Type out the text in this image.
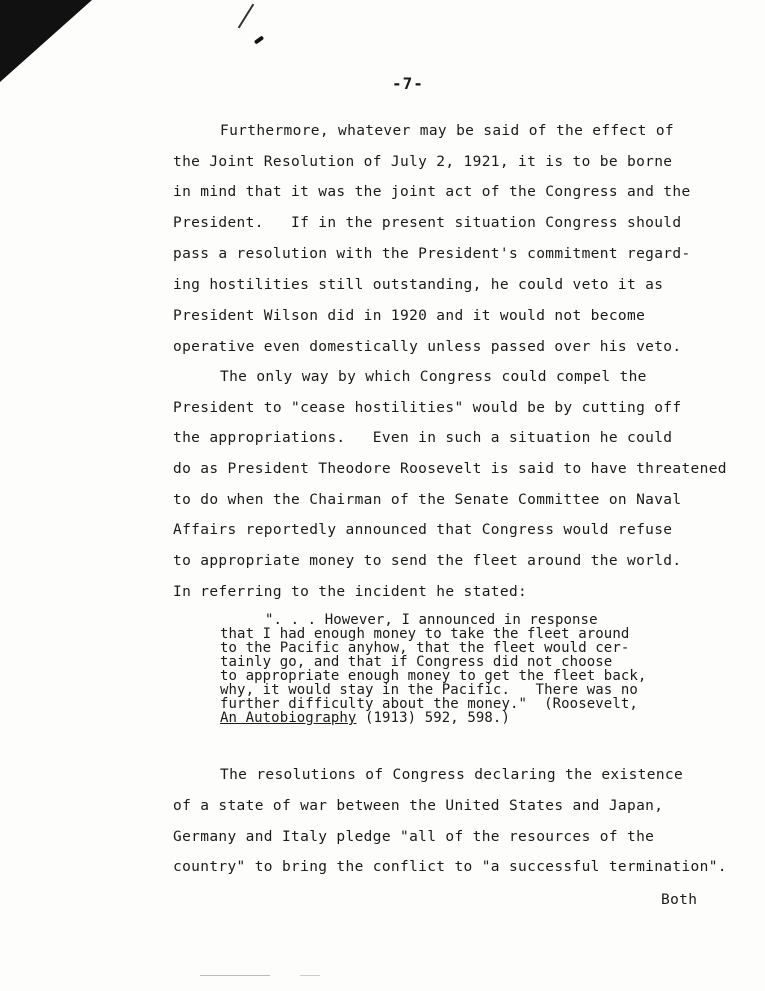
-7-
Furthermore, whatever may be said of the effect of
the Joint Resolution of July 2, 1921, it is to be borne
in mind that it was the joint act of the Congress and the
President.   If in the present situation Congress should
pass a resolution with the President's commitment regard-
ing hostilities still outstanding, he could veto it as
President Wilson did in 1920 and it would not become
operative even domestically unless passed over his veto.
The only way by which Congress could compel the
President to "cease hostilities" would be by cutting off
the appropriations.   Even in such a situation he could
do as President Theodore Roosevelt is said to have threatened
to do when the Chairman of the Senate Committee on Naval
Affairs reportedly announced that Congress would refuse
to appropriate money to send the fleet around the world.
In referring to the incident he stated:
". . . However, I announced in response
that I had enough money to take the fleet around
to the Pacific anyhow, that the fleet would cer-
tainly go, and that if Congress did not choose
to appropriate enough money to get the fleet back,
why, it would stay in the Pacific.   There was no
further difficulty about the money."  (Roosevelt,
An Autobiography (1913) 592, 598.)
The resolutions of Congress declaring the existence
of a state of war between the United States and Japan,
Germany and Italy pledge "all of the resources of the
country" to bring the conflict to "a successful termination".
Both
